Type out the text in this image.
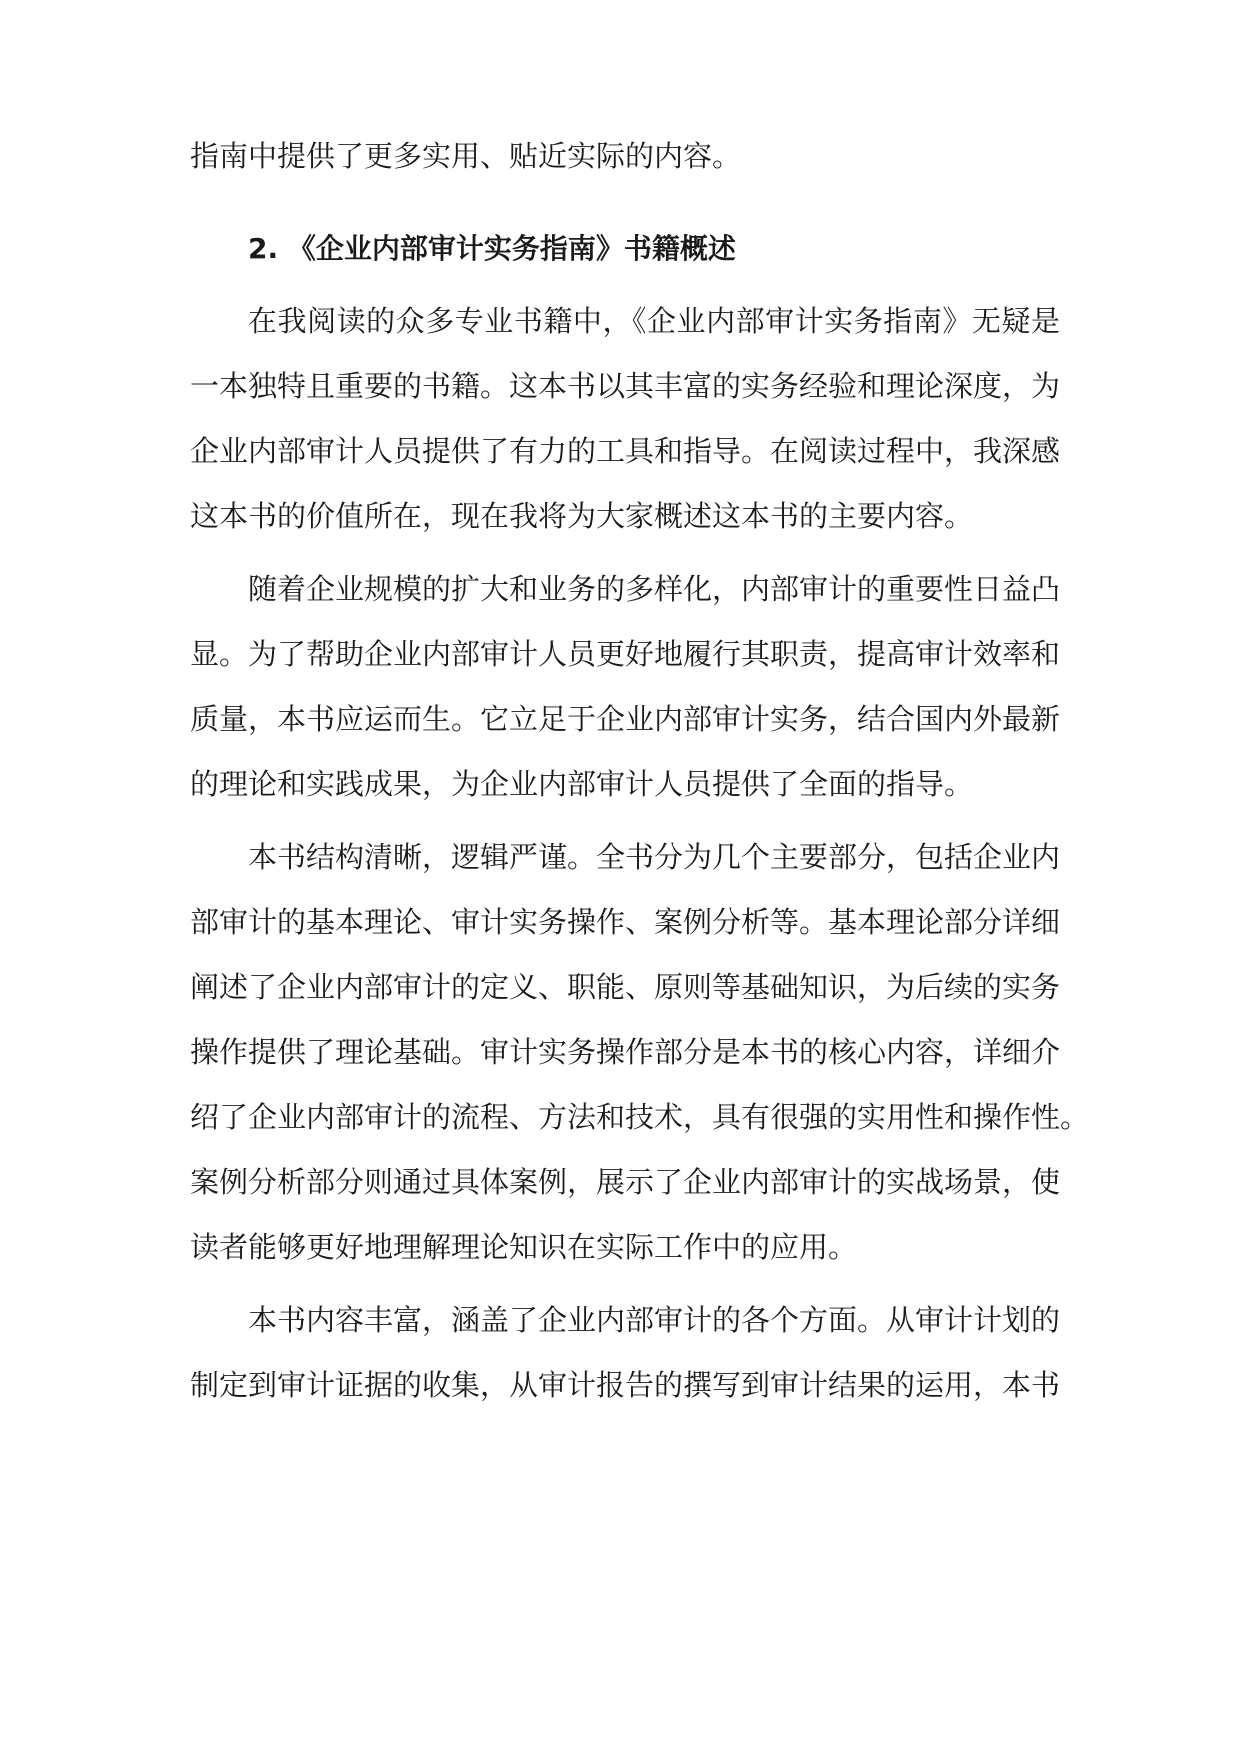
指南中提供了更多实用、贴近实际的内容。
2. 《企业内部审计实务指南》书籍概述
在我阅读的众多专业书籍中，《企业内部审计实务指南》无疑是
一本独特且重要的书籍。这本书以其丰富的实务经验和理论深度，为
企业内部审计人员提供了有力的工具和指导。在阅读过程中，我深感
这本书的价值所在，现在我将为大家概述这本书的主要内容。
随着企业规模的扩大和业务的多样化，内部审计的重要性日益凸
显。为了帮助企业内部审计人员更好地履行其职责，提高审计效率和
质量，本书应运而生。它立足于企业内部审计实务，结合国内外最新
的理论和实践成果，为企业内部审计人员提供了全面的指导。
本书结构清晰，逻辑严谨。全书分为几个主要部分，包括企业内
部审计的基本理论、审计实务操作、案例分析等。基本理论部分详细
阐述了企业内部审计的定义、职能、原则等基础知识，为后续的实务
操作提供了理论基础。审计实务操作部分是本书的核心内容，详细介
绍了企业内部审计的流程、方法和技术，具有很强的实用性和操作性。
案例分析部分则通过具体案例，展示了企业内部审计的实战场景，使
读者能够更好地理解理论知识在实际工作中的应用。
本书内容丰富，涵盖了企业内部审计的各个方面。从审计计划的
制定到审计证据的收集，从审计报告的撰写到审计结果的运用，本书
